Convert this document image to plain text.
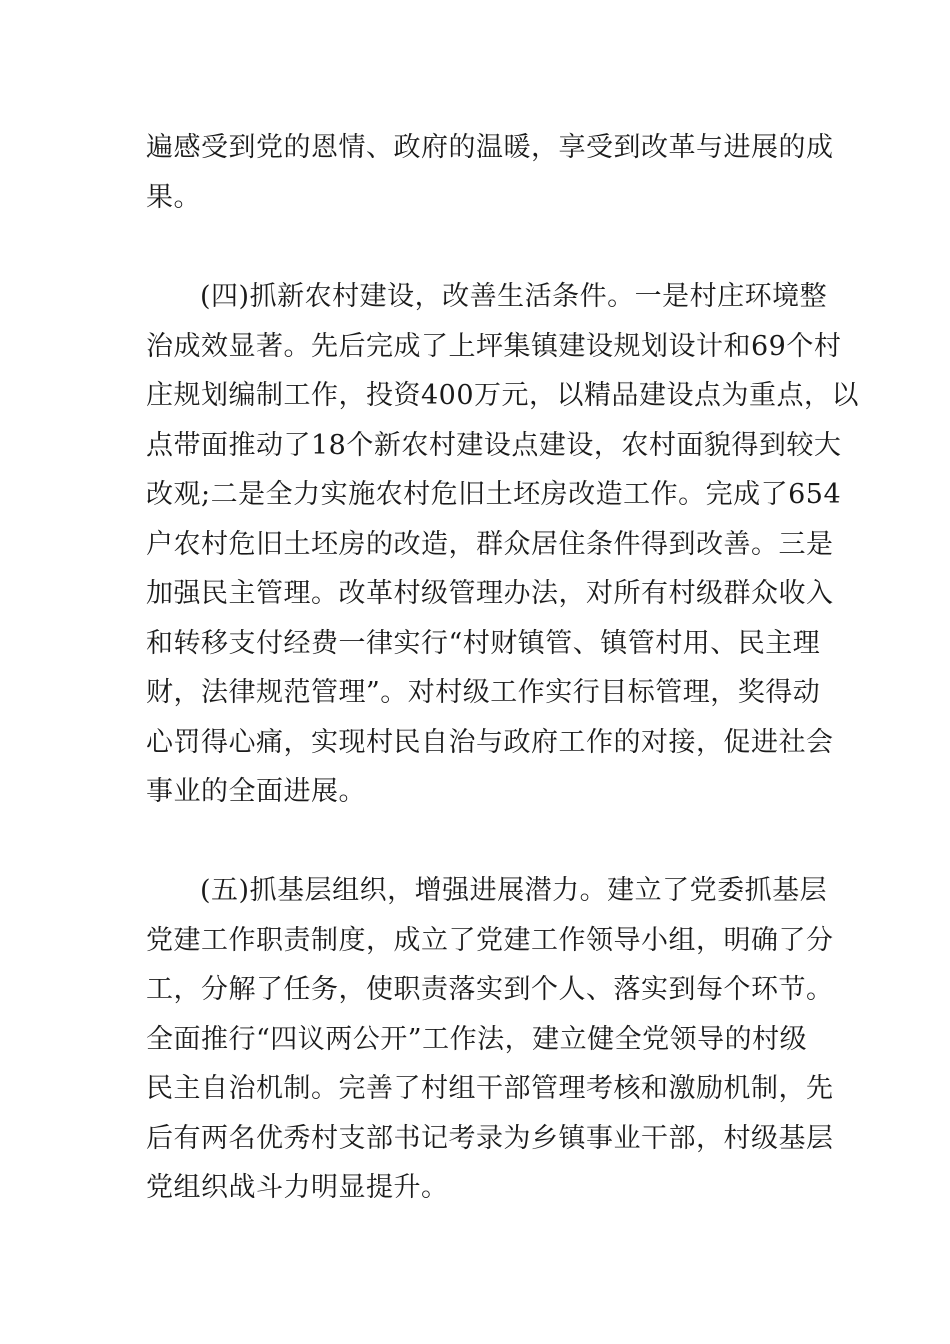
遍感受到党的恩情、政府的温暖，享受到改革与进展的成
果。
(四)抓新农村建设，改善生活条件。一是村庄环境整
治成效显著。先后完成了上坪集镇建设规划设计和69个村
庄规划编制工作，投资400万元，以精品建设点为重点，以
点带面推动了18个新农村建设点建设，农村面貌得到较大
改观;二是全力实施农村危旧土坯房改造工作。完成了654
户农村危旧土坯房的改造，群众居住条件得到改善。三是
加强民主管理。改革村级管理办法，对所有村级群众收入
和转移支付经费一律实行“村财镇管、镇管村用、民主理
财，法律规范管理”。对村级工作实行目标管理，奖得动
心罚得心痛，实现村民自治与政府工作的对接，促进社会
事业的全面进展。
(五)抓基层组织，增强进展潜力。建立了党委抓基层
党建工作职责制度，成立了党建工作领导小组，明确了分
工，分解了任务，使职责落实到个人、落实到每个环节。
全面推行“四议两公开”工作法，建立健全党领导的村级
民主自治机制。完善了村组干部管理考核和激励机制，先
后有两名优秀村支部书记考录为乡镇事业干部，村级基层
党组织战斗力明显提升。
